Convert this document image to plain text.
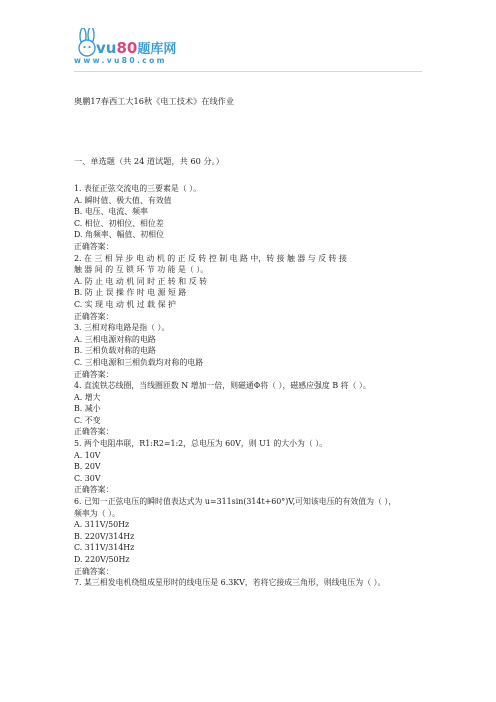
vu80题库网
www.vu80.com
奥鹏17春西工大16秋《电工技术》在线作业
一、单选题（共 24 道试题，共 60 分。）
1. 表征正弦交流电的三要素是（ ）。
A. 瞬时值、极大值、有效值
B. 电压、电流、频率
C. 相位、初相位、相位差
D. 角频率、幅值、初相位
正确答案：
2. 在 三 相 异 步 电 动 机 的 正 反 转 控 制 电 路 中，转 接 触 器 与 反 转 接
触 器 间 的 互 锁 环 节 功 能 是（ ）。
A. 防 止 电 动 机 同 时 正 转 和 反 转
B. 防 止 误 操 作 时 电 源 短 路
C. 实 现 电 动 机 过 载 保 护
正确答案：
3. 三相对称电路是指（ ）。
A. 三相电源对称的电路
B. 三相负载对称的电路
C. 三相电源和三相负载均对称的电路
正确答案：
4. 直流铁芯线圈，当线圈匝数 N 增加一倍，则磁通Φ将（ ），磁感应强度 B 将（ ）。
A. 增大
B. 减小
C. 不变
正确答案：
5. 两个电阻串联，R1:R2=1:2，总电压为 60V，则 U1 的大小为（ ）。
A. 10V
B. 20V
C. 30V
正确答案：
6. 已知一正弦电压的瞬时值表达式为 u=311sin(314t+60°)V,可知该电压的有效值为（ ），
频率为（ ）。
A. 311V/50Hz
B. 220V/314Hz
C. 311V/314Hz
D. 220V/50Hz
正确答案：
7. 某三相发电机绕组成星形时的线电压是 6.3KV，若将它接成三角形，则线电压为（ ）。
